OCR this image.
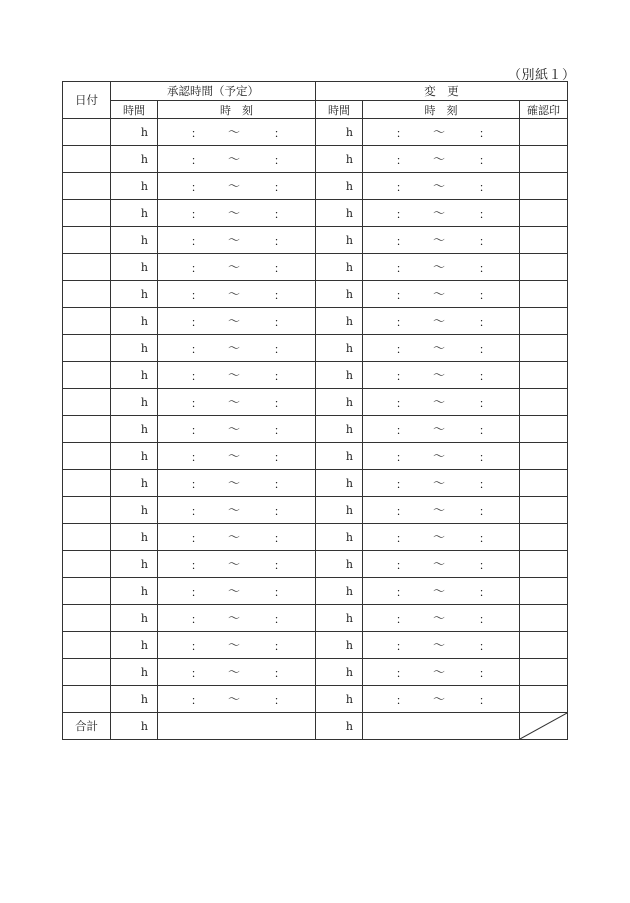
（別紙１）
日付	承認時間（予定）		変　更		
	時間	時　刻	時間	時　刻	確認印
	h	： 〜 ：	h	： 〜 ：	

	h	： 〜 ：	h	： 〜 ：	

	h	： 〜 ：	h	： 〜 ：	

	h	： 〜 ：	h	： 〜 ：	

	h	： 〜 ：	h	： 〜 ：	

	h	： 〜 ：	h	： 〜 ：	

	h	： 〜 ：	h	： 〜 ：	

	h	： 〜 ：	h	： 〜 ：	

	h	： 〜 ：	h	： 〜 ：	

	h	： 〜 ：	h	： 〜 ：	

	h	： 〜 ：	h	： 〜 ：	

	h	： 〜 ：	h	： 〜 ：	

	h	： 〜 ：	h	： 〜 ：	

	h	： 〜 ：	h	： 〜 ：	

	h	： 〜 ：	h	： 〜 ：	

	h	： 〜 ：	h	： 〜 ：	

	h	： 〜 ：	h	： 〜 ：	

	h	： 〜 ：	h	： 〜 ：	

	h	： 〜 ：	h	： 〜 ：	

	h	： 〜 ：	h	： 〜 ：	

	h	： 〜 ：	h	： 〜 ：	

	h	： 〜 ：	h	： 〜 ：	

合計	h		h		
